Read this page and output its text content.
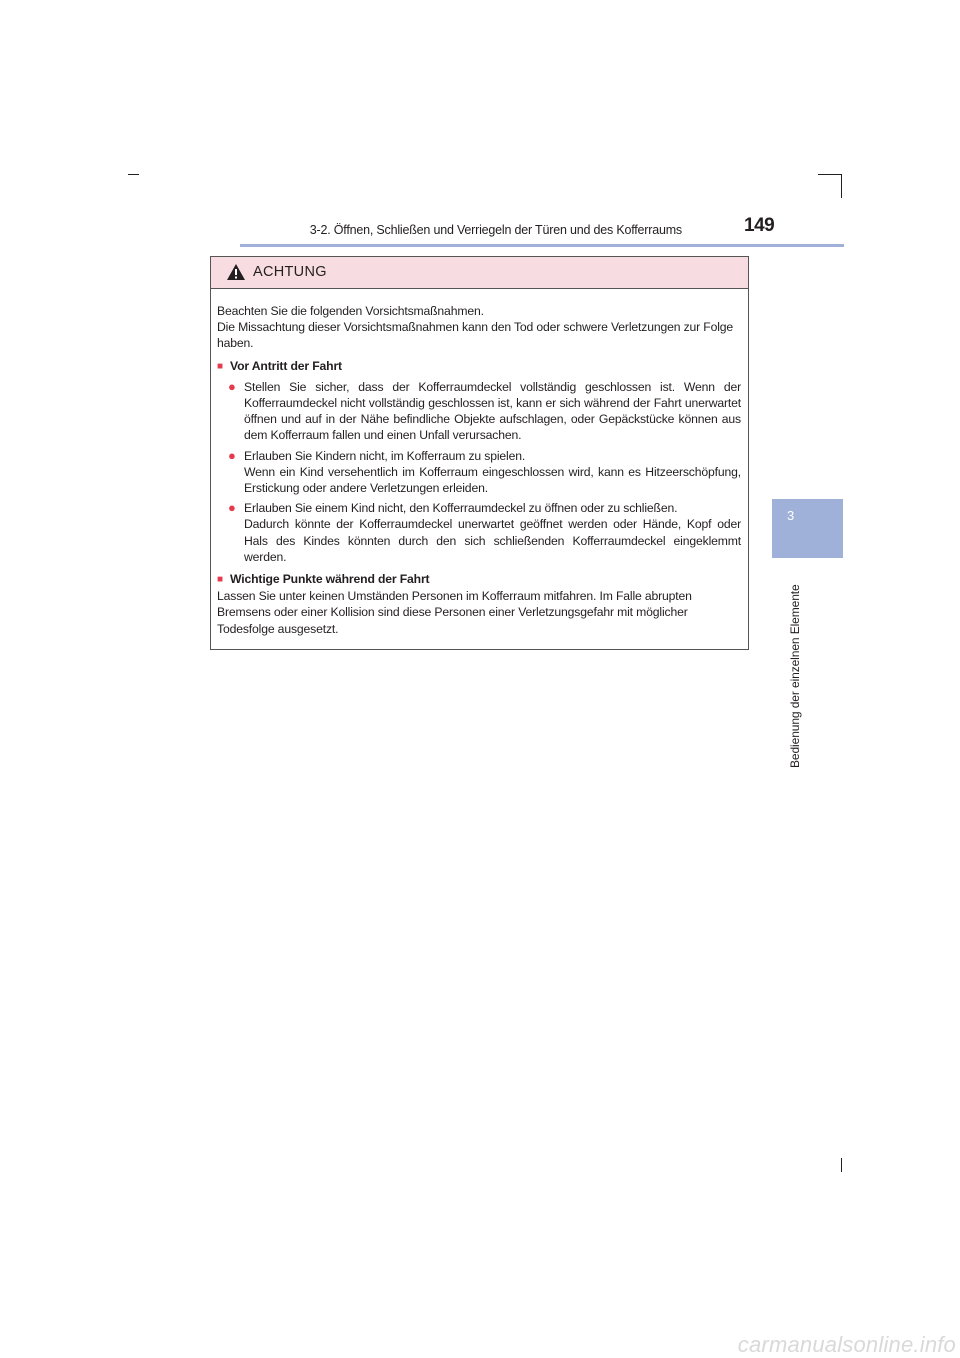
3-2. Öffnen, Schließen und Verriegeln der Türen und des Kofferraums	149
3
Bedienung der einzelnen Elemente
ACHTUNG

Beachten Sie die folgenden Vorsichtsmaßnahmen.

Die Missachtung dieser Vorsichtsmaßnahmen kann den Tod oder schwere Verletzungen zur Folge haben.

■ Vor Antritt der Fahrt
● Stellen Sie sicher, dass der Kofferraumdeckel vollständig geschlossen ist. Wenn der Kofferraumdeckel nicht vollständig geschlossen ist, kann er sich während der Fahrt unerwartet öffnen und auf in der Nähe befindliche Objekte aufschlagen, oder Gepäckstücke können aus dem Kofferraum fallen und einen Unfall verursachen.

● Erlauben Sie Kindern nicht, im Kofferraum zu spielen.

Wenn ein Kind versehentlich im Kofferraum eingeschlossen wird, kann es Hitzeerschöpfung, Erstickung oder andere Verletzungen erleiden.

● Erlauben Sie einem Kind nicht, den Kofferraumdeckel zu öffnen oder zu schließen.

Dadurch könnte der Kofferraumdeckel unerwartet geöffnet werden oder Hände, Kopf oder Hals des Kindes könnten durch den sich schließenden Kofferraumdeckel eingeklemmt werden.

■ Wichtige Punkte während der Fahrt

Lassen Sie unter keinen Umständen Personen im Kofferraum mitfahren. Im Falle abrupten Bremsens oder einer Kollision sind diese Personen einer Verletzungsgefahr mit möglicher Todesfolge ausgesetzt.

carmanualsonline.info
